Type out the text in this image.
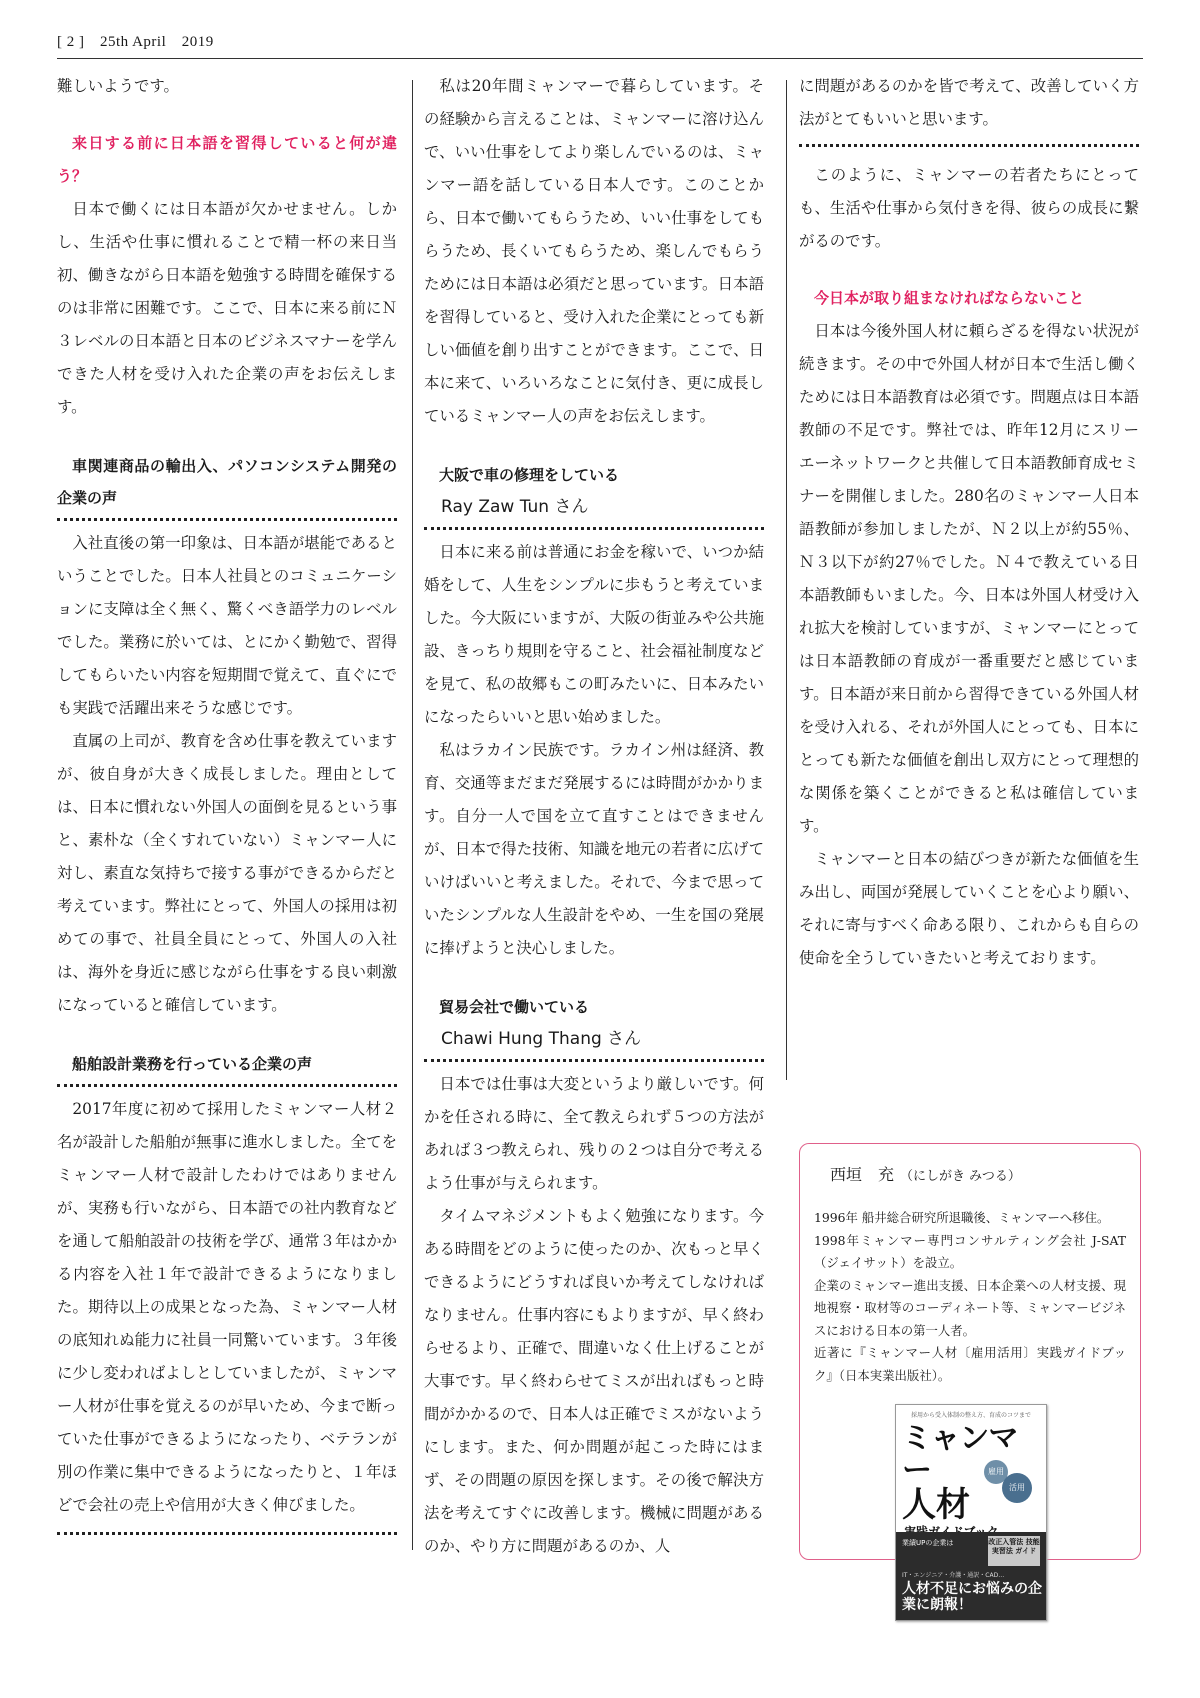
[ 2 ]　25th April　2019

難しいようです。

来日する前に日本語を習得していると何が違う？

日本で働くには日本語が欠かせません。しかし、生活や仕事に慣れることで精一杯の来日当初、働きながら日本語を勉強する時間を確保するのは非常に困難です。ここで、日本に来る前にＮ３レベルの日本語と日本のビジネスマナーを学んできた人材を受け入れた企業の声をお伝えします。

車関連商品の輸出入、パソコンシステム開発の企業の声

入社直後の第一印象は、日本語が堪能であるということでした。日本人社員とのコミュニケーションに支障は全く無く、驚くべき語学力のレベルでした。業務に於いては、とにかく勤勉で、習得してもらいたい内容を短期間で覚えて、直ぐにでも実践で活躍出来そうな感じです。

直属の上司が、教育を含め仕事を教えていますが、彼自身が大きく成長しました。理由としては、日本に慣れない外国人の面倒を見るという事と、素朴な（全くすれていない）ミャンマー人に対し、素直な気持ちで接する事ができるからだと考えています。弊社にとって、外国人の採用は初めての事で、社員全員にとって、外国人の入社は、海外を身近に感じながら仕事をする良い刺激になっていると確信しています。

船舶設計業務を行っている企業の声

2017年度に初めて採用したミャンマー人材２名が設計した船舶が無事に進水しました。全てをミャンマー人材で設計したわけではありませんが、実務も行いながら、日本語での社内教育などを通して船舶設計の技術を学び、通常３年はかかる内容を入社１年で設計できるようになりました。期待以上の成果となった為、ミャンマー人材の底知れぬ能力に社員一同驚いています。３年後に少し変わればよしとしていましたが、ミャンマー人材が仕事を覚えるのが早いため、今まで断っていた仕事ができるようになったり、ベテランが別の作業に集中できるようになったりと、１年ほどで会社の売上や信用が大きく伸びました。

私は20年間ミャンマーで暮らしています。その経験から言えることは、ミャンマーに溶け込んで、いい仕事をしてより楽しんでいるのは、ミャンマー語を話している日本人です。このことから、日本で働いてもらうため、いい仕事をしてもらうため、長くいてもらうため、楽しんでもらうためには日本語は必須だと思っています。日本語を習得していると、受け入れた企業にとっても新しい価値を創り出すことができます。ここで、日本に来て、いろいろなことに気付き、更に成長しているミャンマー人の声をお伝えします。

大阪で車の修理をしている

Ray Zaw Tun さん

日本に来る前は普通にお金を稼いで、いつか結婚をして、人生をシンプルに歩もうと考えていました。今大阪にいますが、大阪の街並みや公共施設、きっちり規則を守ること、社会福祉制度などを見て、私の故郷もこの町みたいに、日本みたいになったらいいと思い始めました。

私はラカイン民族です。ラカイン州は経済、教育、交通等まだまだ発展するには時間がかかります。自分一人で国を立て直すことはできませんが、日本で得た技術、知識を地元の若者に広げていけばいいと考えました。それで、今まで思っていたシンプルな人生設計をやめ、一生を国の発展に捧げようと決心しました。

貿易会社で働いている

Chawi Hung Thang さん

日本では仕事は大変というより厳しいです。何かを任される時に、全て教えられず５つの方法があれば３つ教えられ、残りの２つは自分で考えるよう仕事が与えられます。

タイムマネジメントもよく勉強になります。今ある時間をどのように使ったのか、次もっと早くできるようにどうすれば良いか考えてしなければなりません。仕事内容にもよりますが、早く終わらせるより、正確で、間違いなく仕上げることが大事です。早く終わらせてミスが出ればもっと時間がかかるので、日本人は正確でミスがないようにします。また、何か問題が起こった時にはまず、その問題の原因を探します。その後で解決方法を考えてすぐに改善します。機械に問題があるのか、やり方に問題があるのか、人

に問題があるのかを皆で考えて、改善していく方法がとてもいいと思います。

このように、ミャンマーの若者たちにとっても、生活や仕事から気付きを得、彼らの成長に繋がるのです。

今日本が取り組まなければならないこと

日本は今後外国人材に頼らざるを得ない状況が続きます。その中で外国人材が日本で生活し働くためには日本語教育は必須です。問題点は日本語教師の不足です。弊社では、昨年12月にスリーエーネットワークと共催して日本語教師育成セミナーを開催しました。280名のミャンマー人日本語教師が参加しましたが、Ｎ２以上が約55％、Ｎ３以下が約27％でした。Ｎ４で教えている日本語教師もいました。今、日本は外国人材受け入れ拡大を検討していますが、ミャンマーにとっては日本語教師の育成が一番重要だと感じています。日本語が来日前から習得できている外国人材を受け入れる、それが外国人にとっても、日本にとっても新たな価値を創出し双方にとって理想的な関係を築くことができると私は確信しています。

ミャンマーと日本の結びつきが新たな価値を生み出し、両国が発展していくことを心より願い、それに寄与すべく命ある限り、これからも自らの使命を全うしていきたいと考えております。

西垣　充 （にしがき みつる）

1996年 船井総合研究所退職後、ミャンマーへ移住。

1998年ミャンマー専門コンサルティング会社 J-SAT（ジェイサット）を設立。

企業のミャンマー進出支援、日本企業への人材支援、現地視察・取材等のコーディネート等、ミャンマービジネスにおける日本の第一人者。

近著に『ミャンマー人材〔雇用活用〕実践ガイドブック』（日本実業出版社）。

採用から受入体制の整え方、育成のコツまで
ミャンマー
人材
雇用
活用
業績UPの企業は	改正入管法 技能実習法 ガイド
IT・エンジニア・介護・通訳・CAD…
人材不足にお悩みの企業に朗報！
